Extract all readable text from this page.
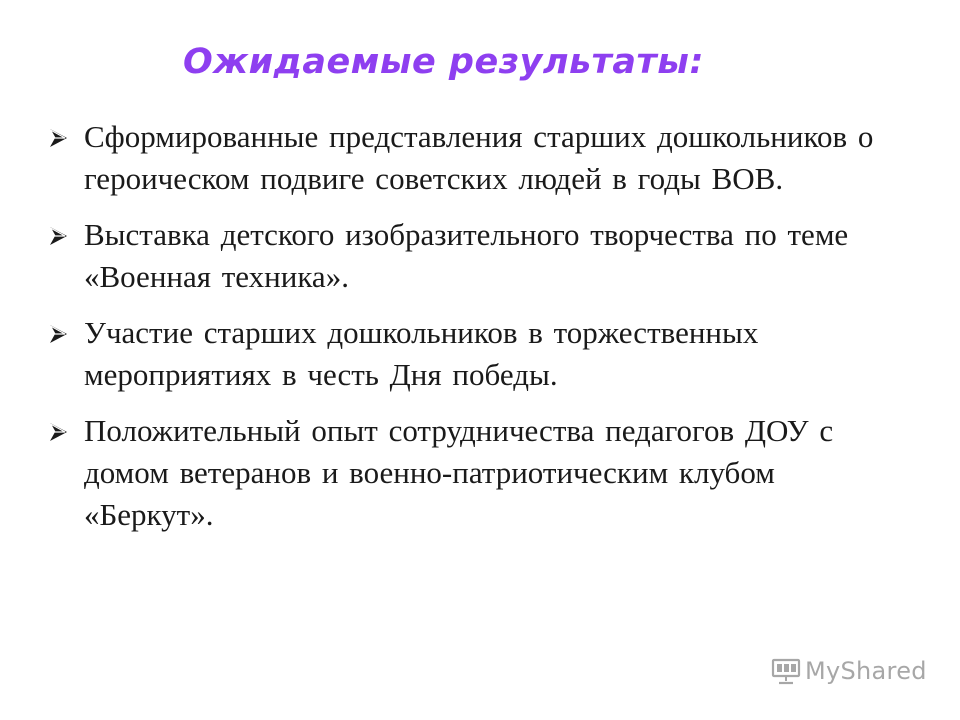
Ожидаемые результаты:
Сформированные представления старших дошкольников о героическом подвиге советских людей в годы ВОВ.
Выставка детского изобразительного творчества по теме «Военная техника».
Участие старших дошкольников в торжественных мероприятиях в честь Дня победы.
Положительный опыт сотрудничества педагогов ДОУ с домом ветеранов и военно-патриотическим клубом «Беркут».
MyShared
